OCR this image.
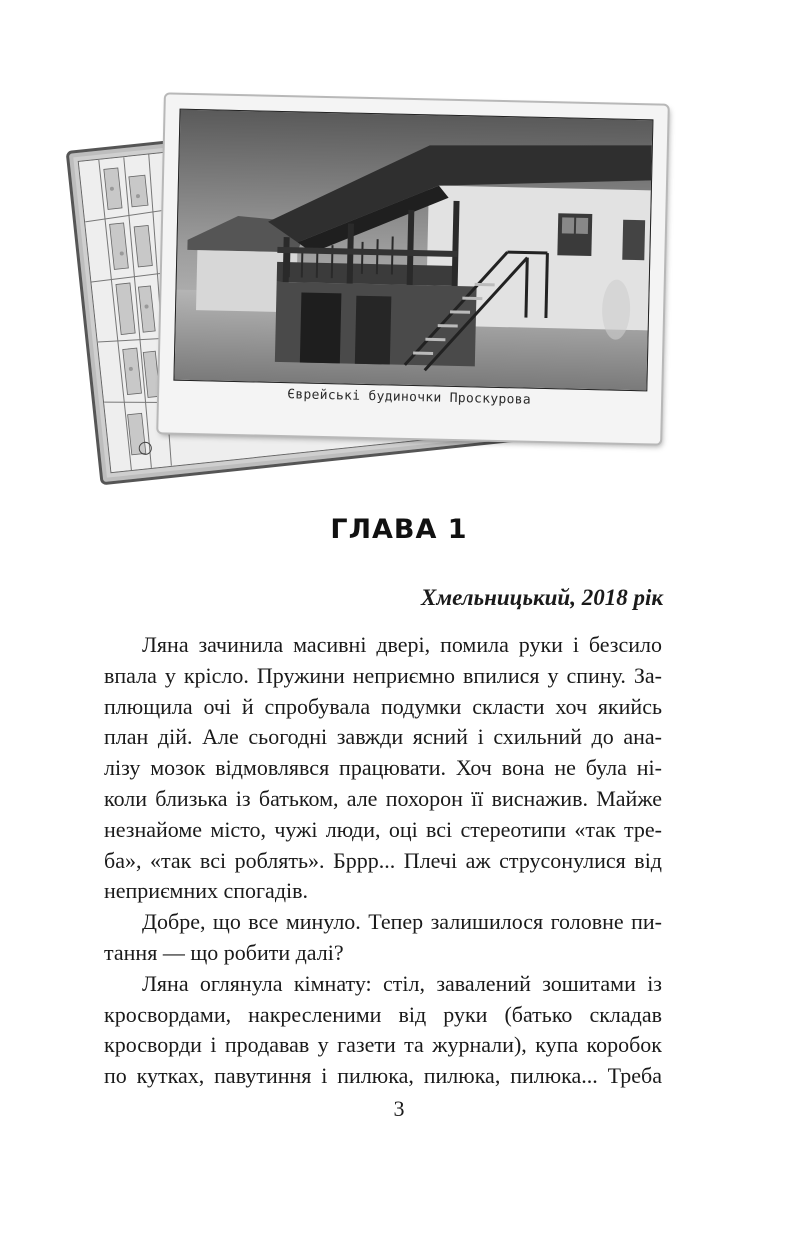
Єврейські будиночки Проскурова
ГЛАВА 1

Хмельницький, 2018 рік

Ляна зачинила масивні двері, помила руки і безсило
впала у крісло. Пружини неприємно впилися у спину. За-
плющила очі й спробувала подумки скласти хоч якийсь
план дій. Але сьогодні завжди ясний і схильний до ана-
лізу мозок відмовлявся працювати. Хоч вона не була ні-
коли близька із батьком, але похорон її виснажив. Майже
незнайоме місто, чужі люди, оці всі стереотипи «так тре-
ба», «так всі роблять». Бррр... Плечі аж струсонулися від
неприємних спогадів.
Добре, що все минуло. Тепер залишилося головне пи-
тання — що робити далі?
Ляна оглянула кімнату: стіл, завалений зошитами із
кросвордами, накресленими від руки (батько складав
кросворди і продавав у газети та журнали), купа коробок
по кутках, павутиння і пилюка, пилюка, пилюка... Треба

3
